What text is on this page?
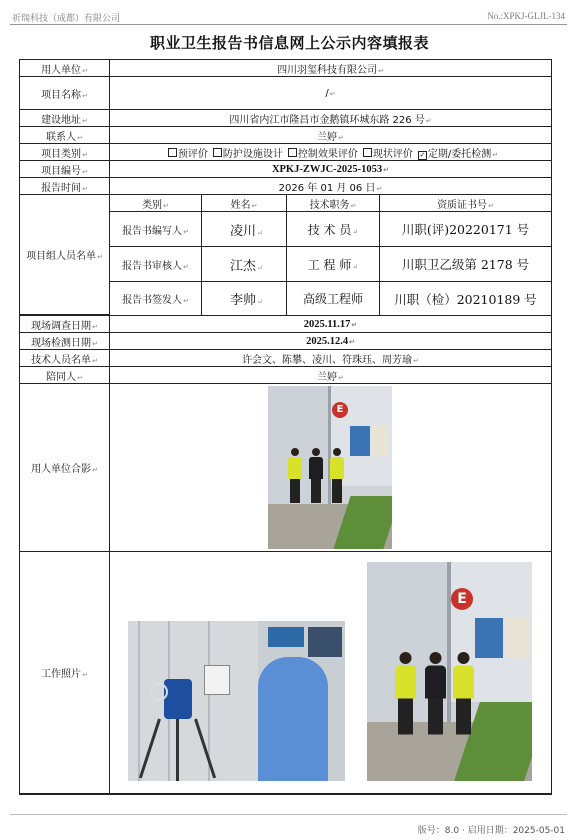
祈瑞科技（成都）有限公司	No.:XPKJ-GLJL-134
职业卫生报告书信息网上公示内容填报表
用人单位 ↵	四川羽玺科技有限公司 ↵
项目名称 ↵	/ ↵
建设地址 ↵	四川省内江市隆昌市金鹅镇环城东路 226 号 ↵
联系人 ↵	兰婷 ↵
项目类别 ↵	预评价	防护设施设计	控制效果评价	现状评价 ✓ 定期/委托检测 ↵
项目编号 ↵	XPKJ-ZWJC-2025-1053 ↵
报告时间 ↵	2026 年 01 月 06 日 ↵
项目组人员名单 ↵
类别 ↵	姓名 ↵	技术职务 ↵	资质证书号 ↵
报告书编写人 ↵	凌川 ↵	技 术 员 ↵	川职(评)20220171 号
报告书审核人 ↵	江杰 ↵	工 程 师 ↵	川职卫乙级第 2178 号
报告书签发人 ↵	李帅 ↵	高级工程师 川职（检）20210189 号
现场调查日期 ↵	2025.11.17 ↵
现场检测日期 ↵	2025.12.4 ↵
技术人员名单 ↵	许会文、陈攀、凌川、符珠珏、周芳瑜 ↵
陪同人 ↵	兰婷 ↵
用人单位合影 ↵
工作照片 ↵
E
E
版号：8.0 · 启用日期：2025-05-01
